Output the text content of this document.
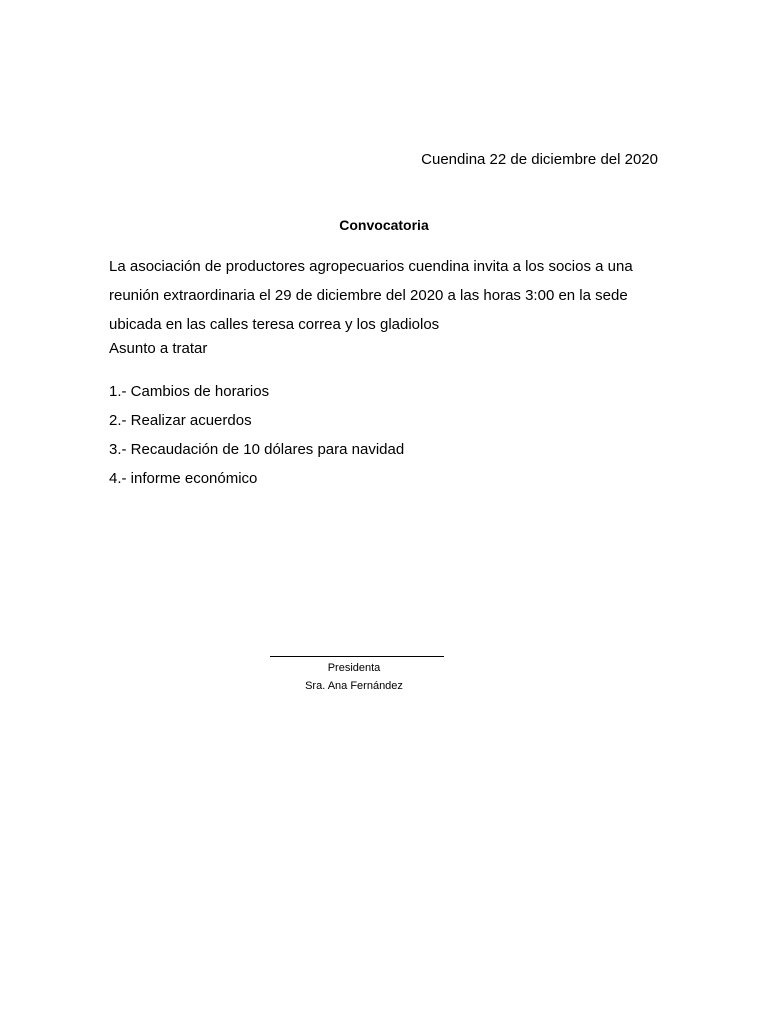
Cuendina 22 de diciembre del 2020
Convocatoria
La asociación de productores agropecuarios cuendina invita a los socios a una
reunión extraordinaria el 29 de diciembre del 2020 a las horas 3:00 en la sede
ubicada en las calles teresa correa y los gladiolos
Asunto a tratar
1.- Cambios de horarios
2.- Realizar acuerdos
3.- Recaudación de 10 dólares para navidad
4.- informe económico
Presidenta
Sra. Ana Fernández
